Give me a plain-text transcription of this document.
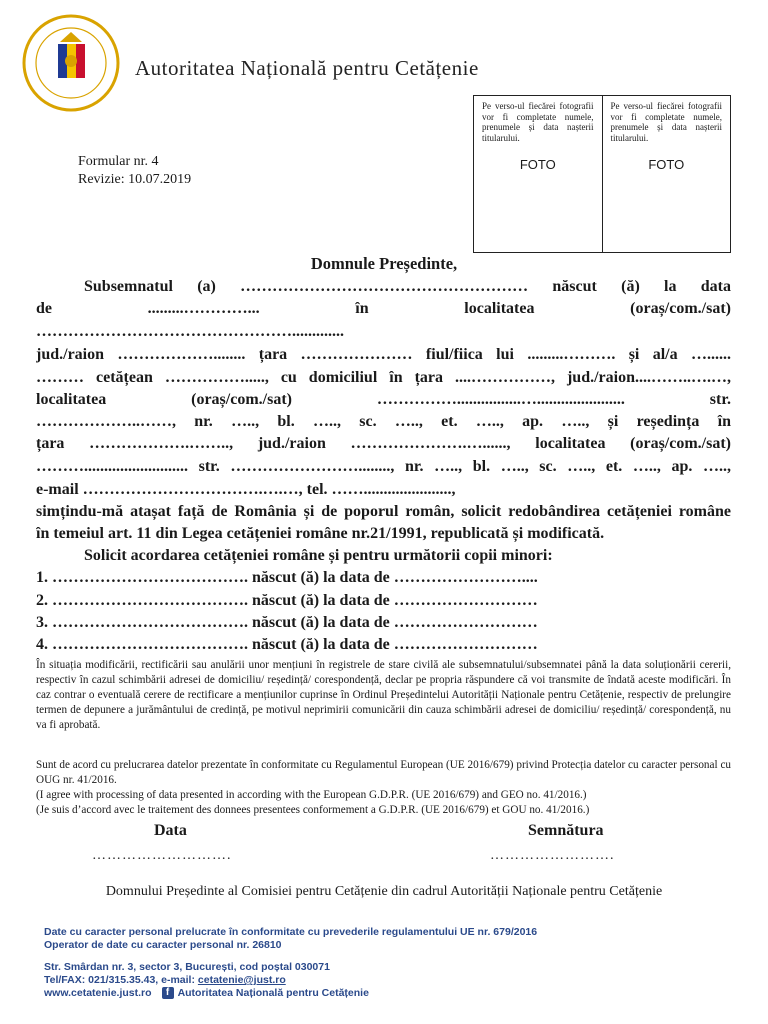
Autoritatea Națională pentru Cetățenie
Formular nr. 4
Revizie: 10.07.2019

Pe verso-ul fiecărei fotografii vor fi completate numele, prenumele și data nașterii titularului.

FOTO

Pe verso-ul fiecărei fotografii vor fi completate numele, prenumele și data nașterii titularului.

FOTO
Domnule Președinte,
Subsemnatul (a) ……………………………………………… născut (ă) la data
de .........…………... în localitatea (oraș/com./sat)
………………………………………….............
jud./raion ………………........ țara ………………… fiul/fiica lui .........………. și al/a …......
……… cetățean ……………....., cu domiciliul în țara ....……………, jud./raion....……..….…,
localitatea (oraș/com./sat) ……………................…...................... str.
………………..……, nr. ….., bl. ….., sc. ….., et. ….., ap. ….., și reședința în
țara ……………….…….., jud./raion ………………….…......, localitatea (oraș/com./sat)
……….......................... str. ……………………........, nr. ….., bl. ….., sc. ….., et. ….., ap. …..,
e-mail …………………………….….…, tel. ……......................,
simțindu-mă atașat față de România și de poporul român, solicit redobândirea cetățeniei române
în temeiul art. 11 din Legea cetățeniei române nr.21/1991, republicată și modificată.
Solicit acordarea cetățeniei române și pentru următorii copii minori:
1. ………………………………. născut (ă) la data de ……………………....
2. ………………………………. născut (ă) la data de ………………………
3. ………………………………. născut (ă) la data de ………………………
4. ………………………………. născut (ă) la data de ………………………

În situația modificării, rectificării sau anulării unor mențiuni în registrele de stare civilă ale subsemnatului/subsemnatei până la data soluționării cererii, respectiv în cazul schimbării adresei de domiciliu/ reședință/ corespondență, declar pe propria răspundere că voi transmite de îndată aceste modificări. În caz contrar o eventuală cerere de rectificare a mențiunilor cuprinse în Ordinul Președintelui Autorității Naționale pentru Cetățenie, respectiv de prelungire termen de depunere a jurământului de credință, pe motivul neprimirii comunicării din cauza schimbării adresei de domiciliu/ reședință/ corespondență, nu va fi aprobată.

Sunt de acord cu prelucrarea datelor prezentate în conformitate cu Regulamentul European (UE 2016/679) privind Protecția datelor cu caracter personal cu OUG nr. 41/2016.

(I agree with processing of data presented in according with the European G.D.P.R. (UE 2016/679) and GEO no. 41/2016.)

(Je suis d’accord avec le traitement des donnees presentees conformement a G.D.P.R. (UE 2016/679) et GOU no. 41/2016.)

Data	Semnătura
……………………….	…………………….
Domnului Președinte al Comisiei pentru Cetățenie din cadrul Autorității Naționale pentru Cetățenie
Date cu caracter personal prelucrate în conformitate cu prevederile regulamentului UE nr. 679/2016
Operator de date cu caracter personal nr. 26810
Str. Smârdan nr. 3, sector 3, București, cod poștal 030071
Tel/FAX: 021/315.35.43, e-mail: cetatenie@just.ro
www.cetatenie.just.ro f Autoritatea Națională pentru Cetățenie
